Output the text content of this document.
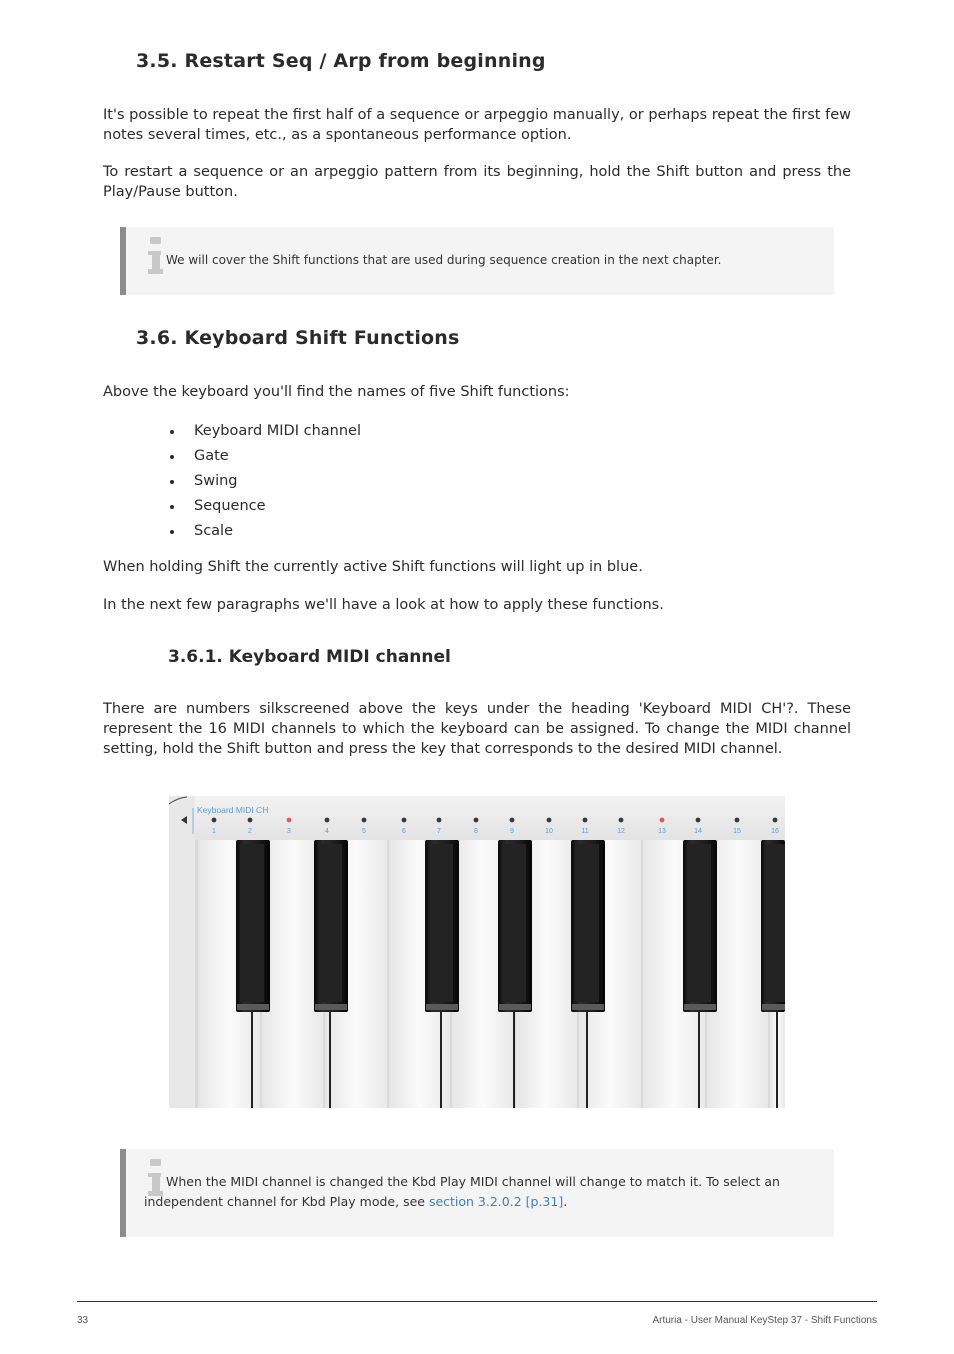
3.5. Restart Seq / Arp from beginning

It's possible to repeat the first half of a sequence or arpeggio manually, or perhaps repeat the first few notes several times, etc., as a spontaneous performance option.

To restart a sequence or an arpeggio pattern from its beginning, hold the Shift button and press the Play/Pause button.

We will cover the Shift functions that are used during sequence creation in the next chapter.

3.6. Keyboard Shift Functions

Above the keyboard you'll find the names of five Shift functions:

Keyboard MIDI channel
Gate
Swing
Sequence
Scale

When holding Shift the currently active Shift functions will light up in blue.

In the next few paragraphs we'll have a look at how to apply these functions.

3.6.1. Keyboard MIDI channel

There are numbers silkscreened above the keys under the heading 'Keyboard MIDI CH'?. These represent the 16 MIDI channels to which the keyboard can be assigned. To change the MIDI channel setting, hold the Shift button and press the key that corresponds to the desired MIDI channel.

Keyboard MIDI CH
1	2	3	4	5	6	7	8	9	10	11	12	13	14	15	16

When the MIDI channel is changed the Kbd Play MIDI channel will change to match it. To select an independent channel for Kbd Play mode, see section 3.2.0.2 [p.31].

33	Arturia - User Manual KeyStep 37 - Shift Functions
